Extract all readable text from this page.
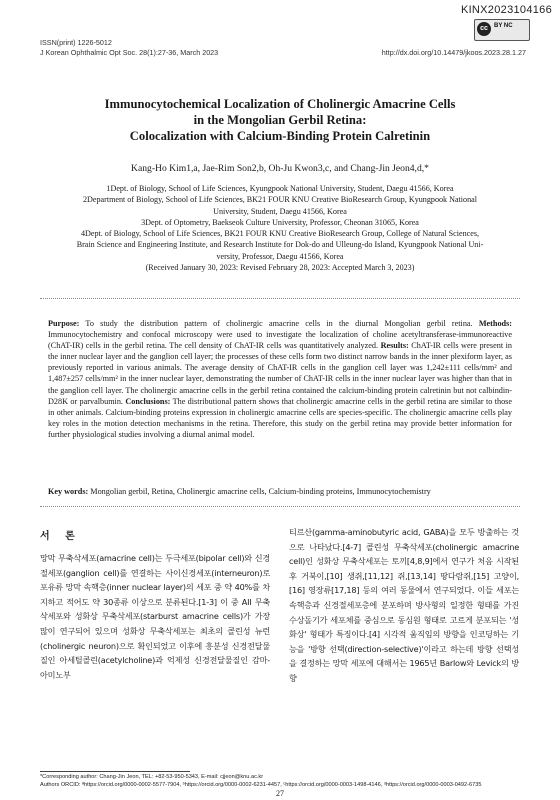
KINX2023104166
cc	BY NC
ISSN(print) 1226-5012
J Korean Ophthalmic Opt Soc. 28(1):27-36, March 2023	http://dx.doi.org/10.14479/jkoos.2023.28.1.27
Immunocytochemical Localization of Cholinergic Amacrine Cells
in the Mongolian Gerbil Retina:
Colocalization with Calcium-Binding Protein Calretinin
Kang-Ho Kim1,a, Jae-Rim Son2,b, Oh-Ju Kwon3,c, and Chang-Jin Jeon4,d,*
1Dept. of Biology, School of Life Sciences, Kyungpook National University, Student, Daegu 41566, Korea
2Department of Biology, School of Life Sciences, BK21 FOUR KNU Creative BioResearch Group, Kyungpook National
University, Student, Daegu 41566, Korea
3Dept. of Optometry, Baekseok Culture University, Professor, Cheonan 31065, Korea
4Dept. of Biology, School of Life Sciences, BK21 FOUR KNU Creative BioResearch Group, College of Natural Sciences,
Brain Science and Engineering Institute, and Research Institute for Dok-do and Ulleung-do Island, Kyungpook National Uni-
versity, Professor, Daegu 41566, Korea
(Received January 30, 2023: Revised February 28, 2023: Accepted March 3, 2023)
Purpose: To study the distribution pattern of cholinergic amacrine cells in the diurnal Mongolian gerbil retina. Methods: Immunocytochemistry and confocal microscopy were used to investigate the localization of choline acetyltransferase-immunoreactive (ChAT-IR) cells in the gerbil retina. The cell density of ChAT-IR cells was quantitatively analyzed. Results: ChAT-IR cells were present in the inner nuclear layer and the ganglion cell layer; the processes of these cells form two distinct narrow bands in the inner plexiform layer, as previously reported in various animals. The average density of ChAT-IR cells in the ganglion cell layer was 1,242±111 cells/mm² and 1,487±257 cells/mm² in the inner nuclear layer, demonstrating the number of ChAT-IR cells in the inner nuclear layer was higher than that in the ganglion cell layer. The cholinergic amacrine cells in the gerbil retina contained the calcium-binding protein calretinin but not calbindin-D28K or parvalbumin. Conclusions: The distributional pattern shows that cholinergic amacrine cells in the gerbil retina are similar to those in other animals. Calcium-binding proteins expression in cholinergic amacrine cells are species-specific. The cholinergic amacrine cells play key roles in the motion detection mechanisms in the retina. Therefore, this study on the gerbil retina may provide better information for further physiological studies involving a diurnal animal model.
Key words: Mongolian gerbil, Retina, Cholinergic amacrine cells, Calcium-binding proteins, Immunocytochemistry
서 론
망막 무축삭세포(amacrine cell)는 두극세포(bipolar cell)와 신경절세포(ganglion cell)를 연결하는 사이신경세포(interneuron)로 포유류 망막 속핵층(inner nuclear layer)의 세포 중 약 40%를 차지하고 적어도 약 30종류 이상으로 분류된다.[1-3] 이 중 AII 무축삭세포와 성화상 무축삭세포(starburst amacrine cells)가 가장 많이 연구되어 있으며 성화상 무축삭세포는 최초의 콜린성 뉴런(cholinergic neuron)으로 확인되었고 이후에 흥분성 신경전달물질인 아세틸콜린(acetylcholine)과 억제성 신경전달물질인 감마-아미노부
티르산(gamma-aminobutyric acid, GABA)을 모두 방출하는 것으로 나타났다.[4-7] 콜린성 무축삭세포(cholinergic amacrine cell)인 성화상 무축삭세포는 토끼[4,8,9]에서 연구가 처음 시작된 후 거북이,[10] 생쥐,[11,12] 쥐,[13,14] 땅다람쥐,[15] 고양이,[16] 영장류[17,18] 등의 여러 동물에서 연구되었다. 이들 세포는 속핵층과 신경절세포층에 분포하며 방사형의 일정한 형태를 가진 수상돌기가 세포체를 중심으로 동심원 형태로 고르게 분포되는 '성화상' 형태가 특징이다.[4] 시각적 움직임의 방향을 인코딩하는 기능을 '방향 선택(direction-selective)'이라고 하는데 방향 선택성을 결정하는 망막 세포에 대해서는 1965년 Barlow와 Levick의 방향
*Corresponding author: Chang-Jin Jeon, TEL: +82-53-950-5343, E-mail: cjjeon@knu.ac.kr
Authors ORCID: ªhttps://orcid.org/0000-0002-5577-7904, ᵇhttps://orcid.org/0000-0002-6231-4457, ᶜhttps://orcid.org/0000-0003-1498-4146, ᵈhttps://orcid.org/0000-0003-0492-6735
27
